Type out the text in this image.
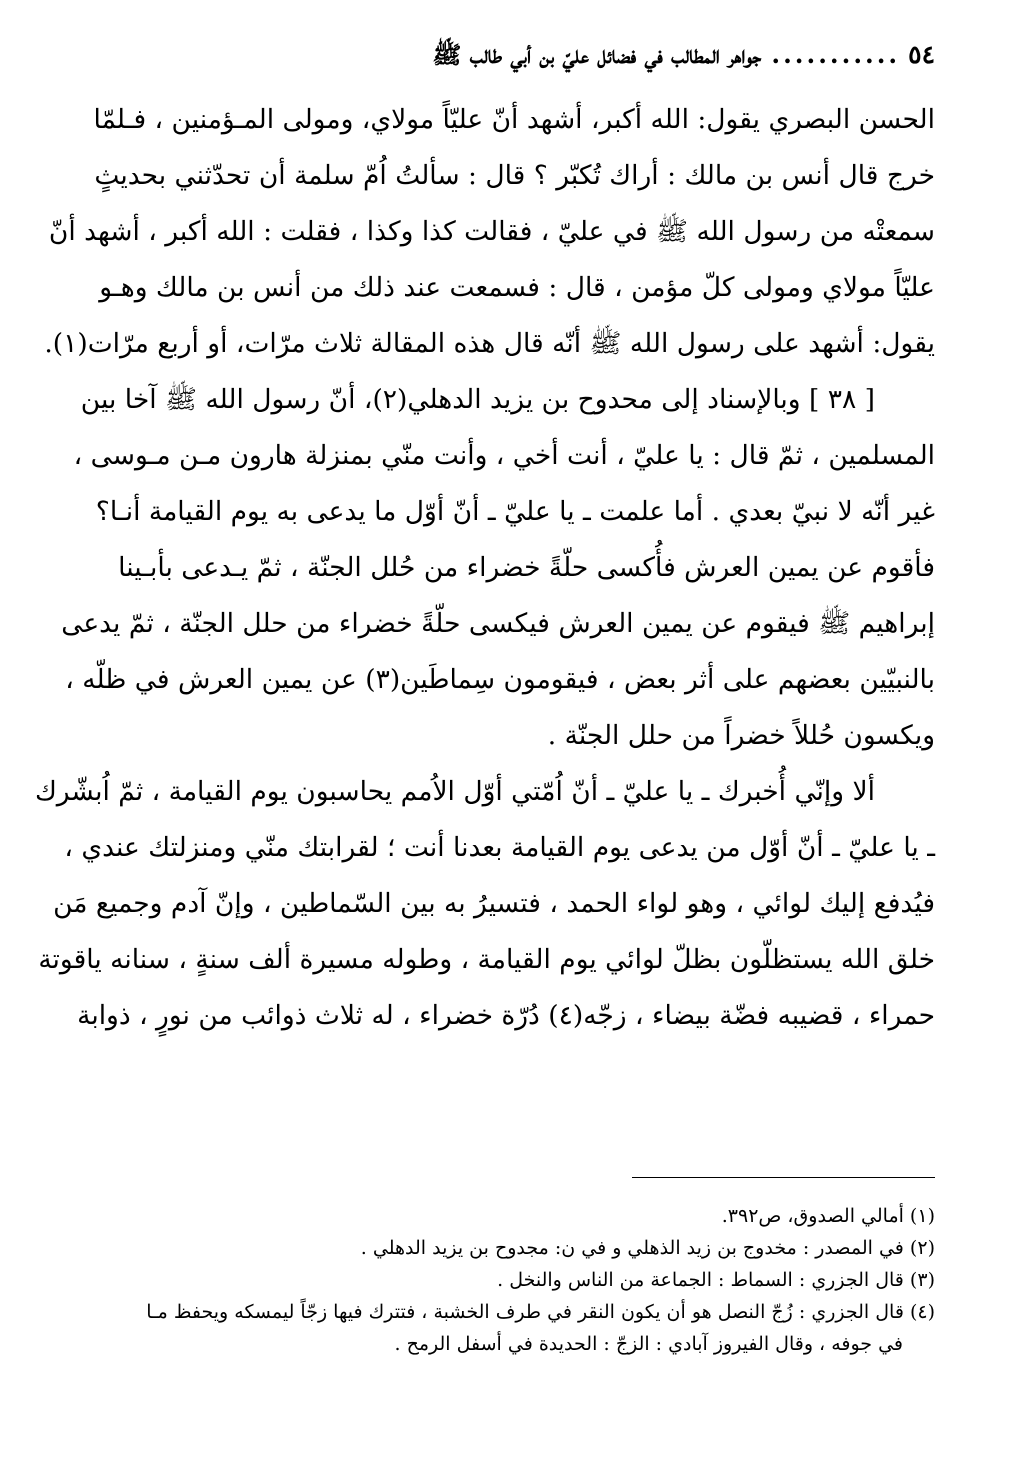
٥٤
...........
جواهر المطالب في فضائل عليّ بن أبي طالب ﷺ
الحسن البصري يقول: الله أكبر، أشهد أنّ عليّاً مولاي، ومولى المـؤمنين ، فـلمّا
خرج قال أنس بن مالك : أراك تُكبّر ؟ قال : سألتُ اُمّ سلمة أن تحدّثني بحديثٍ
سمعتْه من رسول الله ﷺ في عليّ ، فقالت كذا وكذا ، فقلت : الله أكبر ، أشهد أنّ
عليّاً مولاي ومولى كلّ مؤمن ، قال : فسمعت عند ذلك من أنس بن مالك وهـو
يقول: أشهد على رسول الله ﷺ أنّه قال هذه المقالة ثلاث مرّات، أو أربع مرّات(١).
[ ٣٨ ] وبالإسناد إلى محدوح بن يزيد الدهلي(٢)، أنّ رسول الله ﷺ آخا بين
المسلمين ، ثمّ قال : يا عليّ ، أنت أخي ، وأنت منّي بمنزلة هارون مـن مـوسى ،
غير أنّه لا نبيّ بعدي . أما علمت ـ يا عليّ ـ أنّ أوّل ما يدعى به يوم القيامة أنـا؟
فأقوم عن يمين العرش فأُكسى حلّةً خضراء من حُلل الجنّة ، ثمّ يـدعى بأبـينا
إبراهيم ﷺ فيقوم عن يمين العرش فيكسى حلّةً خضراء من حلل الجنّة ، ثمّ يدعى
بالنبيّين بعضهم على أثر بعض ، فيقومون سِماطَين(٣) عن يمين العرش في ظلّه ،
ويكسون حُللاً خضراً من حلل الجنّة .
ألا وإنّي أُخبرك ـ يا عليّ ـ أنّ اُمّتي أوّل الاُمم يحاسبون يوم القيامة ، ثمّ اُبشّرك
ـ يا عليّ ـ أنّ أوّل من يدعى يوم القيامة بعدنا أنت ؛ لقرابتك منّي ومنزلتك عندي ،
فيُدفع إليك لوائي ، وهو لواء الحمد ، فتسيرُ به بين السّماطين ، وإنّ آدم وجميع مَن
خلق الله يستظلّون بظلّ لوائي يوم القيامة ، وطوله مسيرة ألف سنةٍ ، سنانه ياقوتة
حمراء ، قضيبه فضّة بيضاء ، زجّه(٤) دُرّة خضراء ، له ثلاث ذوائب من نورٍ ، ذوابة
(١) أمالي الصدوق، ص٣٩٢.
(٢) في المصدر : مخدوج بن زيد الذهلي و في ن: مجدوح بن يزيد الدهلي .
(٣) قال الجزري : السماط : الجماعة من الناس والنخل .
(٤) قال الجزري : زُجّ النصل هو أن يكون النقر في طرف الخشبة ، فتترك فيها زجّاً ليمسكه ويحفظ مـا
في جوفه ، وقال الفيروز آبادي : الزجّ : الحديدة في أسفل الرمح .
